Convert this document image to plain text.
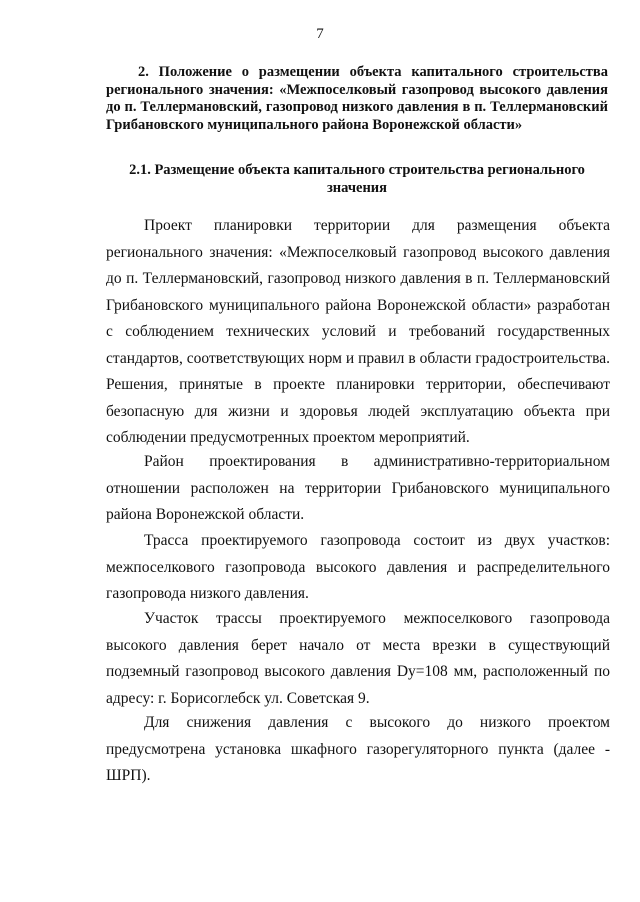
7
2. Положение о размещении объекта капитального строительства регионального значения: «Межпоселковый газопровод высокого давления до п. Теллермановский, газопровод низкого давления в п. Теллермановский Грибановского муниципального района Воронежской области»
2.1. Размещение объекта капитального строительства регионального значения

Проект планировки территории для размещения объекта регионального значения: «Межпоселковый газопровод высокого давления до п. Теллермановский, газопровод низкого давления в п. Теллермановский Грибановского муниципального района Воронежской области» разработан с соблюдением технических условий и требований государственных стандартов, соответствующих норм и правил в области градостроительства. Решения, принятые в проекте планировки территории, обеспечивают безопасную для жизни и здоровья людей эксплуатацию объекта при соблюдении предусмотренных проектом мероприятий.

Район проектирования в административно-территориальном отношении расположен на территории Грибановского муниципального района Воронежской области.

Трасса проектируемого газопровода состоит из двух участков: межпоселкового газопровода высокого давления и распределительного газопровода низкого давления.

Участок трассы проектируемого межпоселкового газопровода высокого давления берет начало от места врезки в существующий подземный газопровод высокого давления Dу=108 мм, расположенный по адресу: г. Борисоглебск ул. Советская 9.

Для снижения давления с высокого до низкого проектом предусмотрена установка шкафного газорегуляторного пункта (далее - ШРП).
